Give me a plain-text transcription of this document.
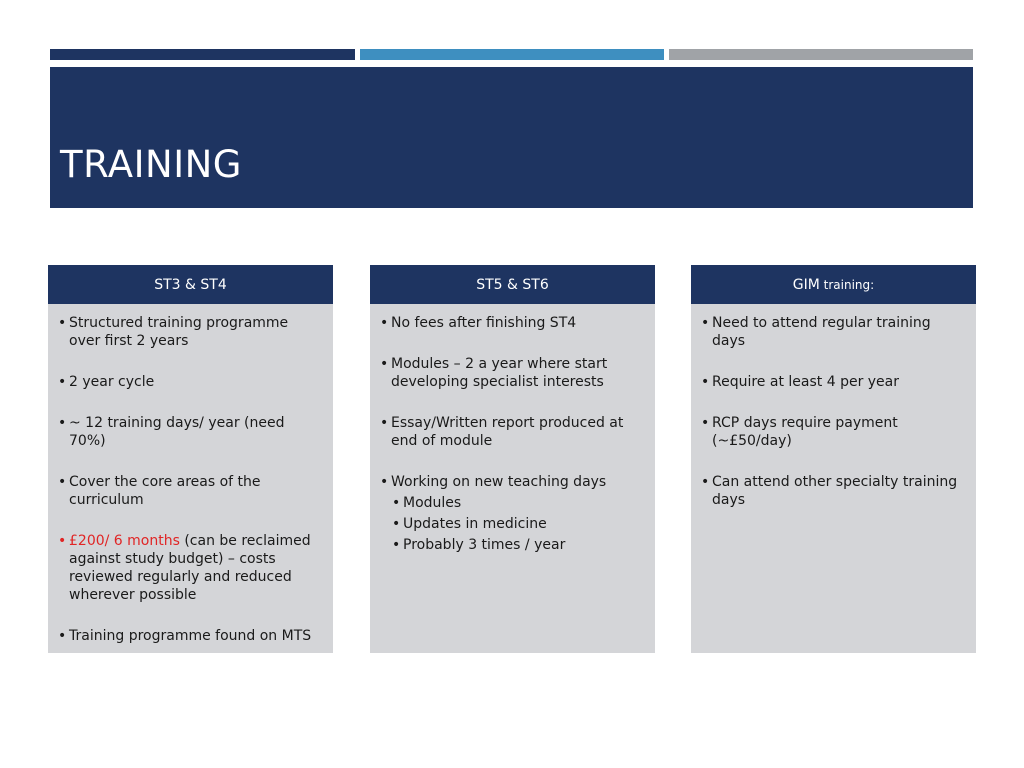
TRAINING
ST3 & ST4
• Structured training programme over first 2 years
• 2 year cycle
• ~ 12 training days/ year (need 70%)
• Cover the core areas of the curriculum
• £200/ 6 months (can be reclaimed against study budget) – costs reviewed regularly and reduced wherever possible
• Training programme found on MTS
ST5 & ST6
• No fees after finishing ST4
• Modules – 2 a year where start developing specialist interests
• Essay/Written report produced at end of module
• Working on new teaching days
• Modules
• Updates in medicine
• Probably 3 times / year
GIM training:
• Need to attend regular training days
• Require at least 4 per year
• RCP days require payment (~£50/day)
• Can attend other specialty training days
